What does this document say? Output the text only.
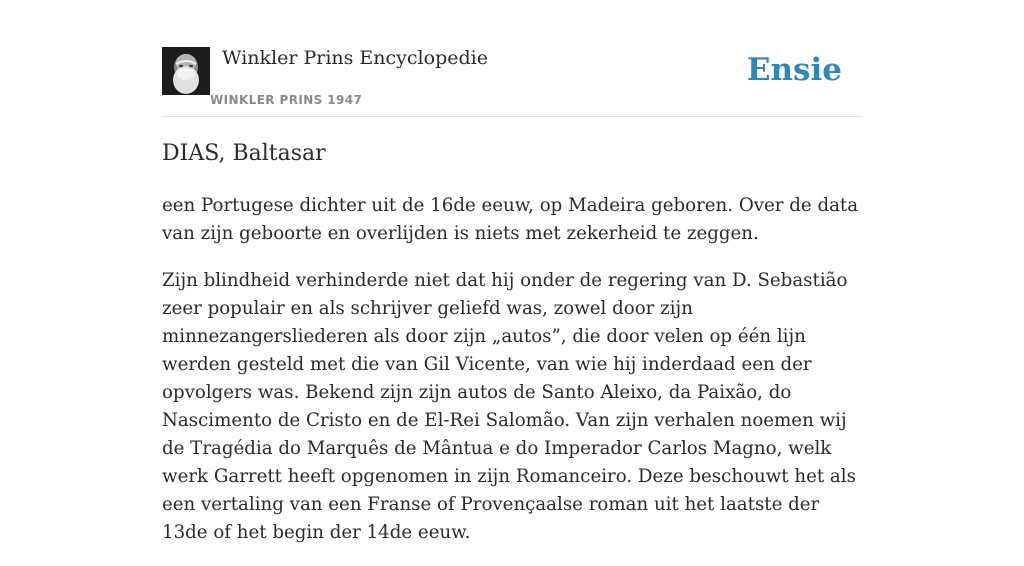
Winkler Prins Encyclopedie
WINKLER PRINS 1947
Ensie
DIAS, Baltasar

een Portugese dichter uit de 16de eeuw, op Madeira geboren. Over de data van zijn geboorte en overlijden is niets met zekerheid te zeggen.

Zijn blindheid verhinderde niet dat hij onder de regering van D. Sebastião zeer populair en als schrijver geliefd was, zowel door zijn minnezangersliederen als door zijn „autos”, die door velen op één lijn werden gesteld met die van Gil Vicente, van wie hij inderdaad een der opvolgers was. Bekend zijn zijn autos de Santo Aleixo, da Paixão, do Nascimento de Cristo en de El-Rei Salomão. Van zijn verhalen noemen wij de Tragédia do Marquês de Mântua e do Imperador Carlos Magno, welk werk Garrett heeft opgenomen in zijn Romanceiro. Deze beschouwt het als een vertaling van een Franse of Provençaalse roman uit het laatste der 13de of het begin der 14de eeuw.
